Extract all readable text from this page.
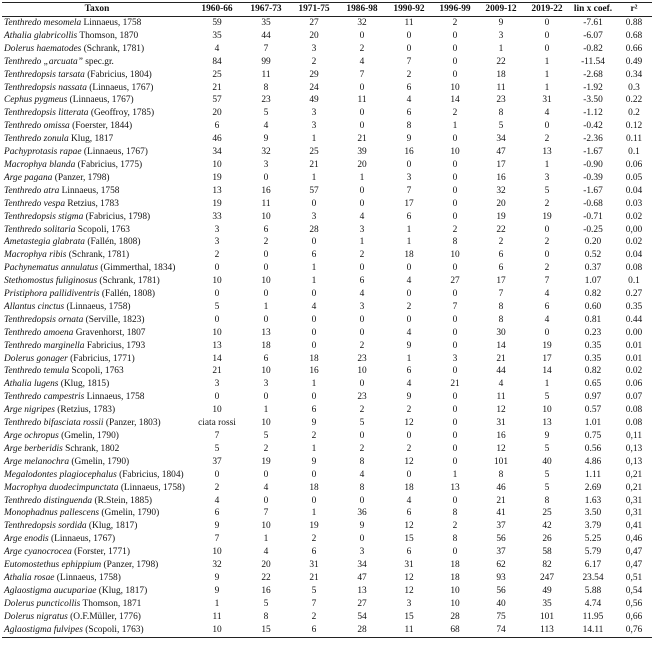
Taxon	1960-66	1967-73	1971-75	1986-98	1990-92	1996-99	2009-12	2019-22	lin x coef.	r²
Tenthredo mesomela Linnaeus, 1758	59	35	27	32	11	2	9	0	-7.61	0.88
Athalia glabricollis Thomson, 1870	35	44	20	0	0	0	3	0	-6.07	0.68
Dolerus haematodes (Schrank, 1781)	4	7	3	2	0	0	1	0	-0.82	0.66
Tenthredo „arcuata” spec.gr.	84	99	2	4	7	0	22	1	-11.54	0.49
Tenthredopsis tarsata (Fabricius, 1804)	25	11	29	7	2	0	18	1	-2.68	0.34
Tenthredopsis nassata (Linnaeus, 1767)	21	8	24	0	6	10	11	1	-1.92	0.3
Cephus pygmeus (Linnaeus, 1767)	57	23	49	11	4	14	23	31	-3.50	0.22
Tenthredopsis litterata (Geoffroy, 1785)	20	5	3	0	6	2	8	4	-1.12	0.2
Tenthredo omissa (Foerster, 1844)	6	4	3	0	8	1	5	0	-0.42	0.12
Tenthredo zonula Klug, 1817	46	9	1	21	9	0	34	2	-2.36	0.11
Pachyprotasis rapae (Linnaeus, 1767)	34	32	25	39	16	10	47	13	-1.67	0.1
Macrophya blanda (Fabricius, 1775)	10	3	21	20	0	0	17	1	-0.90	0.06
Arge pagana (Panzer, 1798)	19	0	1	1	3	0	16	3	-0.39	0.05
Tenthredo atra Linnaeus, 1758	13	16	57	0	7	0	32	5	-1.67	0.04
Tenthredo vespa Retzius, 1783	19	11	0	0	17	0	20	2	-0.68	0.03
Tenthredopsis stigma (Fabricius, 1798)	33	10	3	4	6	0	19	19	-0.71	0.02
Tenthredo solitaria Scopoli, 1763	3	6	28	3	1	2	22	0	-0.25	0,00
Ametastegia glabrata (Fallén, 1808)	3	2	0	1	1	8	2	2	0.20	0.02
Macrophya ribis (Schrank, 1781)	2	0	6	2	18	10	6	0	0.52	0.04
Pachynematus annulatus (Gimmerthal, 1834)	0	0	1	0	0	0	6	2	0.37	0.08
Stethomostus fuliginosus (Schrank, 1781)	10	10	1	6	4	27	17	7	1.07	0.1
Pristiphora pallidiventris (Fallén, 1808)	0	0	0	4	0	0	7	4	0.82	0.27
Allantus cinctus (Linnaeus, 1758)	5	1	4	3	2	7	8	6	0.60	0.35
Tenthredopsis ornata (Serville, 1823)	0	0	0	0	0	0	8	4	0.81	0.44
Tenthredo amoena Gravenhorst, 1807	10	13	0	0	4	0	30	0	0.23	0.00
Tenthredo marginella Fabricius, 1793	13	18	0	2	9	0	14	19	0.35	0.01
Dolerus gonager (Fabricius, 1771)	14	6	18	23	1	3	21	17	0.35	0.01
Tenthredo temula Scopoli, 1763	21	10	16	10	6	0	44	14	0.82	0.02
Athalia lugens (Klug, 1815)	3	3	1	0	4	21	4	1	0.65	0.06
Tenthredo campestris Linnaeus, 1758	0	0	0	23	9	0	11	5	0.97	0.07
Arge nigripes (Retzius, 1783)	10	1	6	2	2	0	12	10	0.57	0.08
Tenthredo bifasciata rossii (Panzer, 1803)	ciata rossi	10	9	5	12	0	31	13	1.01	0.08
Arge ochropus (Gmelin, 1790)	7	5	2	0	0	0	16	9	0.75	0,11
Arge berberidis Schrank, 1802	5	2	1	2	2	0	12	5	0.56	0,13
Arge melanochra (Gmelin, 1790)	37	19	9	8	12	0	101	40	4.86	0,13
Megalodontes plagiocephalus (Fabricius, 1804)	0	0	0	4	0	1	8	5	1.11	0,21
Macrophya duodecimpunctata (Linnaeus, 1758)	2	4	18	8	18	13	46	5	2.69	0,21
Tenthredo distinguenda (R.Stein, 1885)	4	0	0	0	4	0	21	8	1.63	0,31
Monophadnus pallescens (Gmelin, 1790)	6	7	1	36	6	8	41	25	3.50	0,31
Tenthredopsis sordida (Klug, 1817)	9	10	19	9	12	2	37	42	3.79	0,41
Arge enodis (Linnaeus, 1767)	7	1	2	0	15	8	56	26	5.25	0,46
Arge cyanocrocea (Forster, 1771)	10	4	6	3	6	0	37	58	5.79	0,47
Eutomostethus ephippium (Panzer, 1798)	32	20	31	34	31	18	62	82	6.17	0,47
Athalia rosae (Linnaeus, 1758)	9	22	21	47	12	18	93	247	23.54	0,51
Aglaostigma aucupariae (Klug, 1817)	9	16	5	13	12	10	56	49	5.88	0,54
Dolerus puncticollis Thomson, 1871	1	5	7	27	3	10	40	35	4.74	0,56
Dolerus nigratus (O.F.Müller, 1776)	11	8	2	54	15	28	75	101	11.95	0,66
Aglaostigma fulvipes (Scopoli, 1763)	10	15	6	28	11	68	74	113	14.11	0,76
